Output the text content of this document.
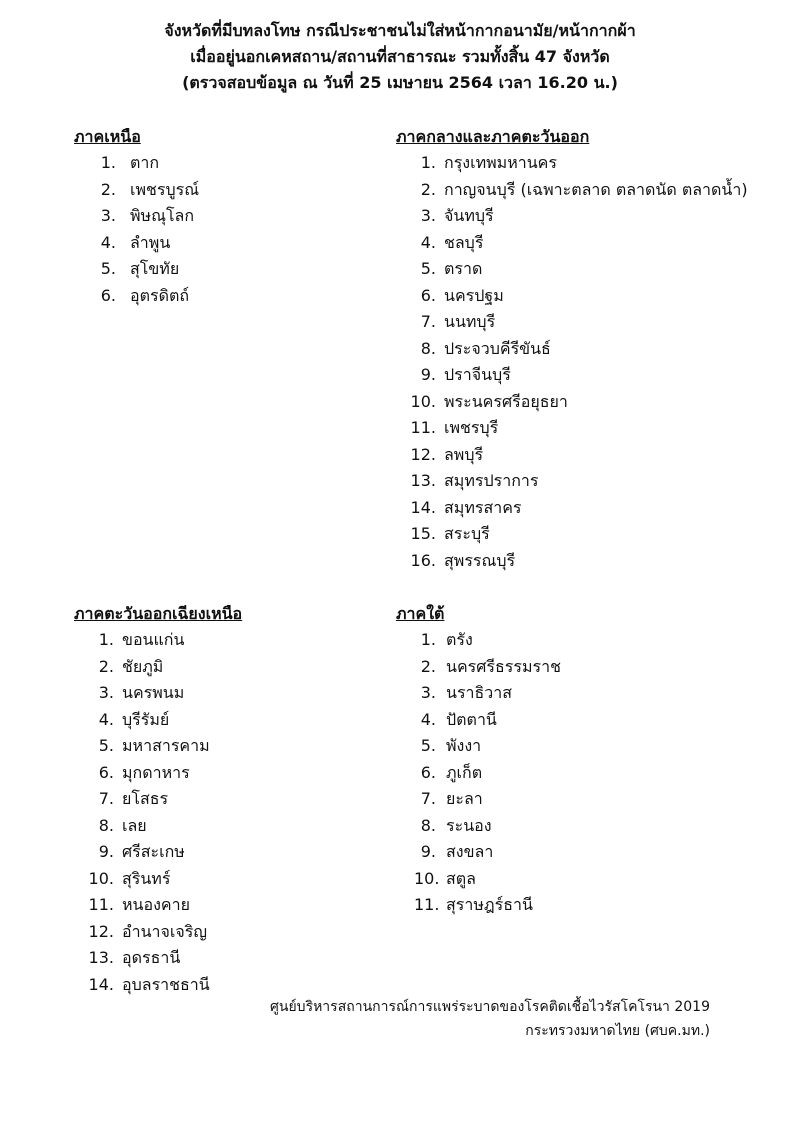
จังหวัดที่มีบทลงโทษ กรณีประชาชนไม่ใส่หน้ากากอนามัย/หน้ากากผ้า
เมื่ออยู่นอกเคหสถาน/สถานที่สาธารณะ รวมทั้งสิ้น 47 จังหวัด
(ตรวจสอบข้อมูล ณ วันที่ 25 เมษายน 2564 เวลา 16.20 น.)
ภาคเหนือ
1. ตาก
2. เพชรบูรณ์
3. พิษณุโลก
4. ลำพูน
5. สุโขทัย
6. อุตรดิตถ์
ภาคกลางและภาคตะวันออก
1. กรุงเทพมหานคร
2. กาญจนบุรี (เฉพาะตลาด ตลาดนัด ตลาดน้ำ)
3. จันทบุรี
4. ชลบุรี
5. ตราด
6. นครปฐม
7. นนทบุรี
8. ประจวบคีรีขันธ์
9. ปราจีนบุรี
10. พระนครศรีอยุธยา
11. เพชรบุรี
12. ลพบุรี
13. สมุทรปราการ
14. สมุทรสาคร
15. สระบุรี
16. สุพรรณบุรี
ภาคตะวันออกเฉียงเหนือ
1. ขอนแก่น
2. ชัยภูมิ
3. นครพนม
4. บุรีรัมย์
5. มหาสารคาม
6. มุกดาหาร
7. ยโสธร
8. เลย
9. ศรีสะเกษ
10. สุรินทร์
11. หนองคาย
12. อำนาจเจริญ
13. อุดรธานี
14. อุบลราชธานี
ภาคใต้
1. ตรัง
2. นครศรีธรรมราช
3. นราธิวาส
4. ปัตตานี
5. พังงา
6. ภูเก็ต
7. ยะลา
8. ระนอง
9. สงขลา
10. สตูล
11. สุราษฎร์ธานี
ศูนย์บริหารสถานการณ์การแพร่ระบาดของโรคติดเชื้อไวรัสโคโรนา 2019
กระทรวงมหาดไทย (ศบค.มท.)
